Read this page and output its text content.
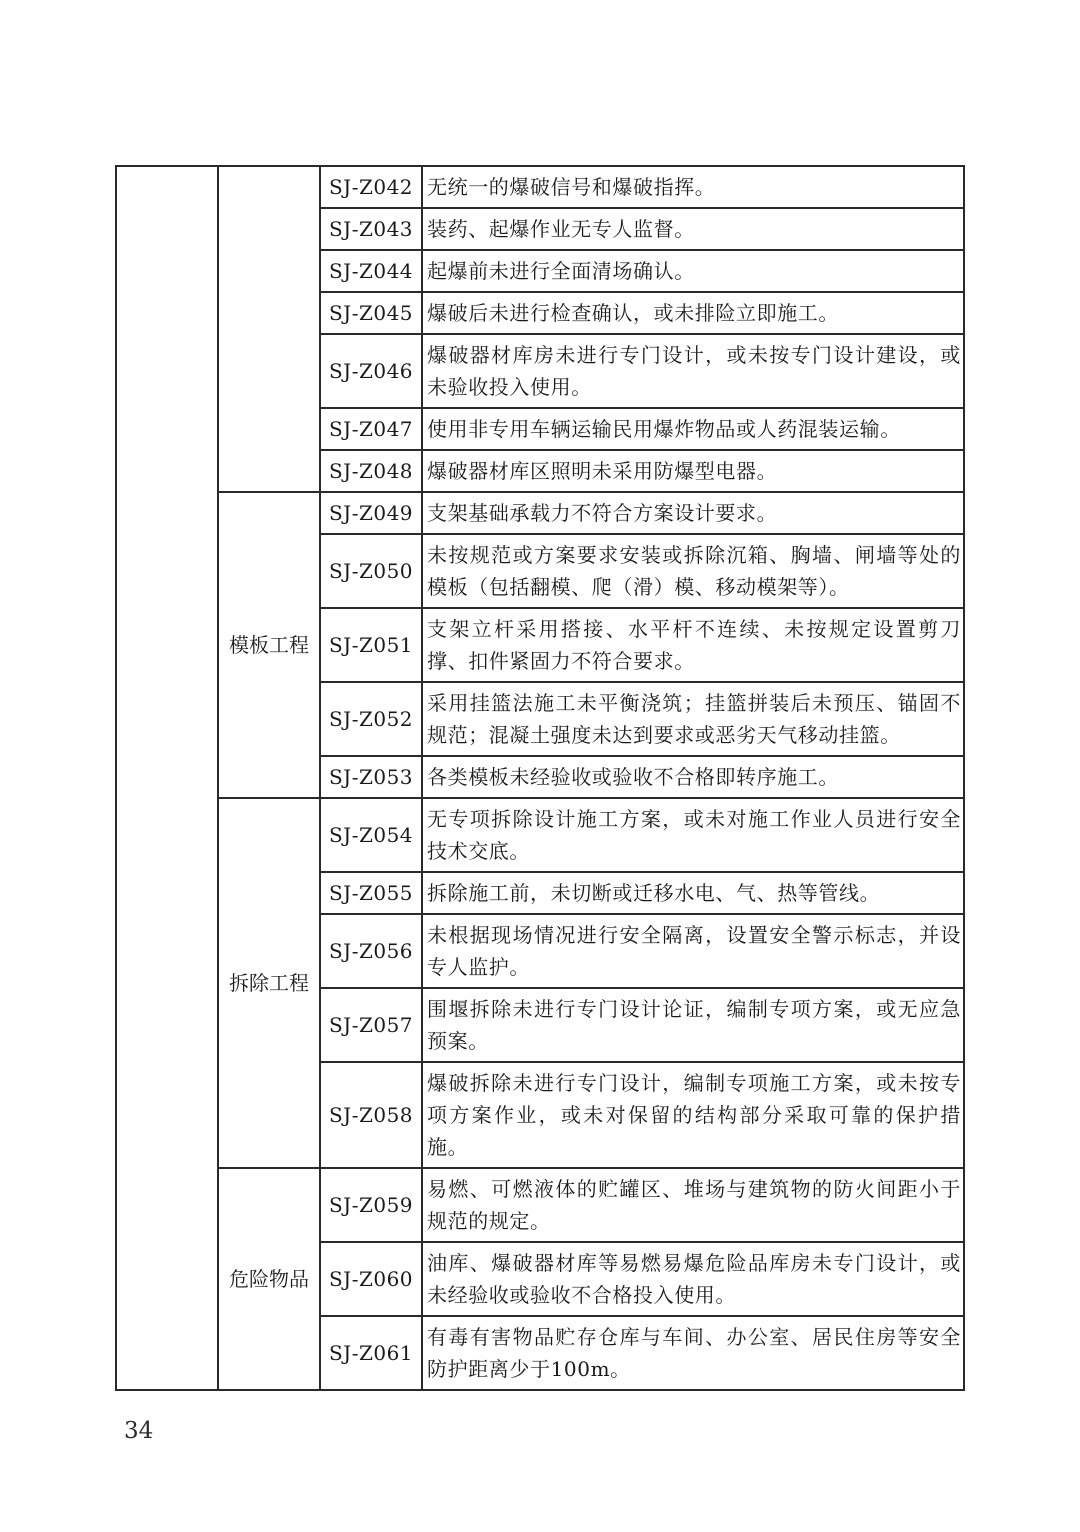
		SJ-Z042	无统一的爆破信号和爆破指挥。
		SJ-Z043	装药、起爆作业无专人监督。
		SJ-Z044	起爆前未进行全面清场确认。
		SJ-Z045	爆破后未进行检查确认，或未排险立即施工。
		SJ-Z046	爆破器材库房未进行专门设计，或未按专门设计建设，或未验收投入使用。
		SJ-Z047	使用非专用车辆运输民用爆炸物品或人药混装运输。
		SJ-Z048	爆破器材库区照明未采用防爆型电器。
	模板工程	SJ-Z049	支架基础承载力不符合方案设计要求。
		SJ-Z050	未按规范或方案要求安装或拆除沉箱、胸墙、闸墙等处的模板（包括翻模、爬（滑）模、移动模架等）。
		SJ-Z051	支架立杆采用搭接、水平杆不连续、未按规定设置剪刀撑、扣件紧固力不符合要求。
		SJ-Z052	采用挂篮法施工未平衡浇筑；挂篮拼装后未预压、锚固不规范；混凝土强度未达到要求或恶劣天气移动挂篮。
		SJ-Z053	各类模板未经验收或验收不合格即转序施工。
	拆除工程	SJ-Z054	无专项拆除设计施工方案，或未对施工作业人员进行安全技术交底。
		SJ-Z055	拆除施工前，未切断或迁移水电、气、热等管线。
		SJ-Z056	未根据现场情况进行安全隔离，设置安全警示标志，并设专人监护。
		SJ-Z057	围堰拆除未进行专门设计论证，编制专项方案，或无应急预案。
		SJ-Z058	爆破拆除未进行专门设计，编制专项施工方案，或未按专项方案作业，或未对保留的结构部分采取可靠的保护措施。
	危险物品	SJ-Z059	易燃、可燃液体的贮罐区、堆场与建筑物的防火间距小于规范的规定。
		SJ-Z060	油库、爆破器材库等易燃易爆危险品库房未专门设计，或未经验收或验收不合格投入使用。
		SJ-Z061	有毒有害物品贮存仓库与车间、办公室、居民住房等安全防护距离少于100m。
34
